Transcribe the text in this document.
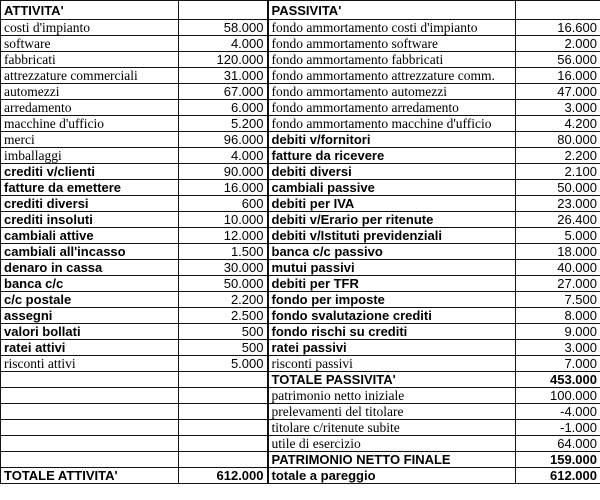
ATTIVITA'		PASSIVITA'	
costi d'impianto	58.000	fondo ammortamento costi d'impianto	16.600
software	4.000	fondo ammortamento software	2.000
fabbricati	120.000	fondo ammortamento fabbricati	56.000
attrezzature commerciali	31.000	fondo ammortamento attrezzature comm.	16.000
automezzi	67.000	fondo ammortamento automezzi	47.000
arredamento	6.000	fondo ammortamento arredamento	3.000
macchine d'ufficio	5.200	fondo ammortamento macchine d'ufficio	4.200
merci	96.000	debiti v/fornitori	80.000
imballaggi	4.000	fatture da ricevere	2.200
crediti v/clienti	90.000	debiti diversi	2.100
fatture da emettere	16.000	cambiali passive	50.000
crediti diversi	600	debiti per IVA	23.000
crediti insoluti	10.000	debiti v/Erario per ritenute	26.400
cambiali attive	12.000	debiti v/Istituti previdenziali	5.000
cambiali all'incasso	1.500	banca c/c passivo	18.000
denaro in cassa	30.000	mutui passivi	40.000
banca c/c	50.000	debiti per TFR	27.000
c/c postale	2.200	fondo per imposte	7.500
assegni	2.500	fondo svalutazione crediti	8.000
valori bollati	500	fondo rischi su crediti	9.000
ratei attivi	500	ratei passivi	3.000
risconti attivi	5.000	risconti passivi	7.000
		TOTALE PASSIVITA'	453.000
		patrimonio netto iniziale	100.000
		prelevamenti del titolare	-4.000
		titolare c/ritenute subite	-1.000
		utile di esercizio	64.000
		PATRIMONIO NETTO FINALE	159.000
TOTALE ATTIVITA'	612.000	totale a pareggio	612.000
